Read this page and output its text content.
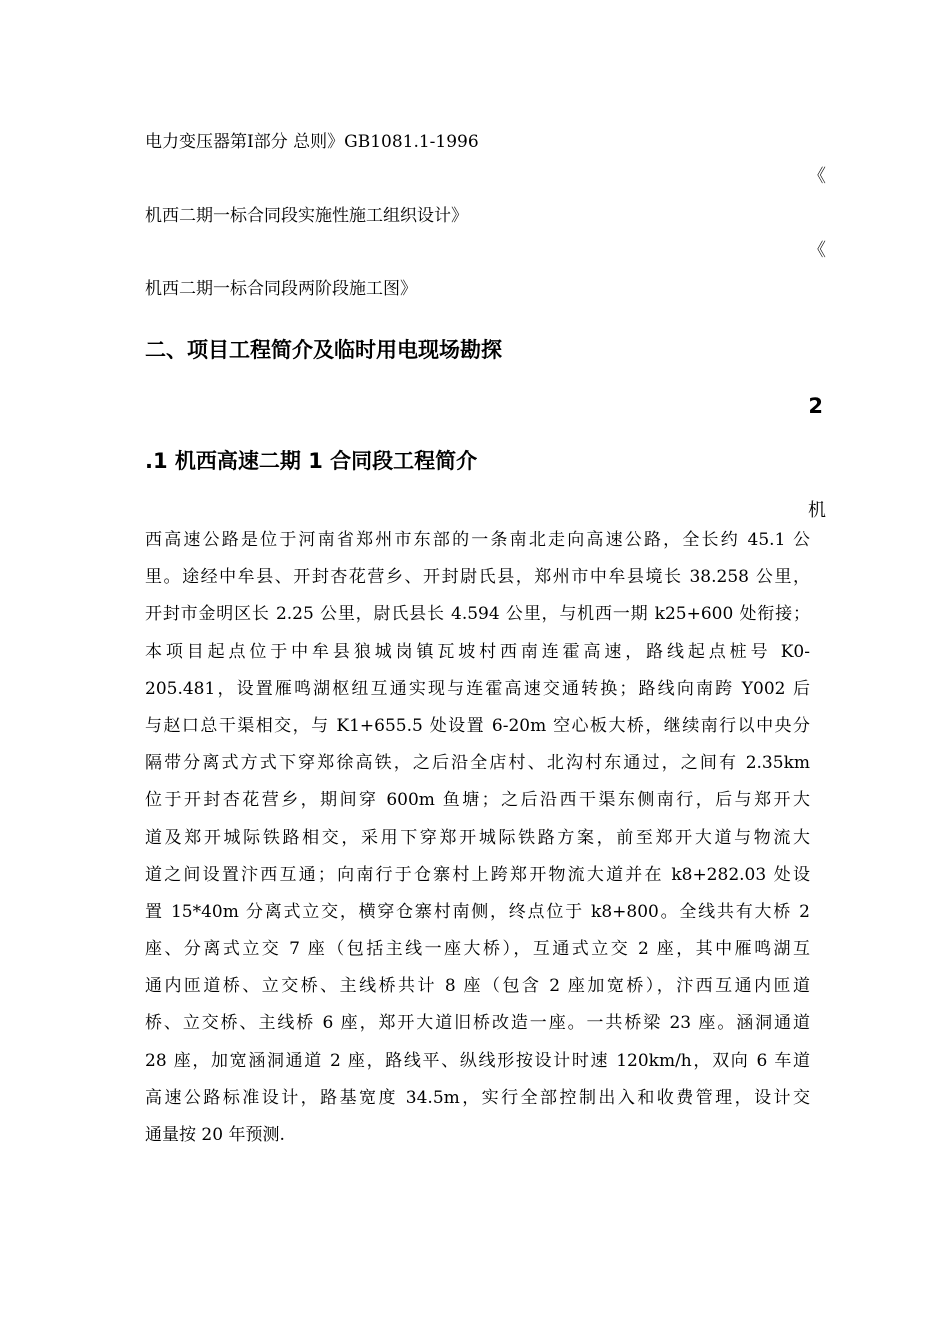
电力变压器第I部分 总则》GB1081.1-1996
《
机西二期一标合同段实施性施工组织设计》
《
机西二期一标合同段两阶段施工图》
二、项目工程简介及临时用电现场勘探
2
.1 机西高速二期 1 合同段工程简介
机
西高速公路是位于河南省郑州市东部的一条南北走向高速公路，全长约 45.1 公
里。途经中牟县、开封杏花营乡、开封尉氏县，郑州市中牟县境长 38.258 公里，
开封市金明区长 2.25 公里，尉氏县长 4.594 公里，与机西一期 k25+600 处衔接；
本项目起点位于中牟县狼城岗镇瓦坡村西南连霍高速，路线起点桩号 K0-
205.481，设置雁鸣湖枢纽互通实现与连霍高速交通转换；路线向南跨 Y002 后
与赵口总干渠相交，与 K1+655.5 处设置 6-20m 空心板大桥，继续南行以中央分
隔带分离式方式下穿郑徐高铁，之后沿全店村、北沟村东通过，之间有 2.35km
位于开封杏花营乡，期间穿 600m 鱼塘；之后沿西干渠东侧南行，后与郑开大
道及郑开城际铁路相交，采用下穿郑开城际铁路方案，前至郑开大道与物流大
道之间设置汴西互通；向南行于仓寨村上跨郑开物流大道并在 k8+282.03 处设
置 15*40m 分离式立交，横穿仓寨村南侧，终点位于 k8+800。全线共有大桥 2
座、分离式立交 7 座（包括主线一座大桥），互通式立交 2 座，其中雁鸣湖互
通内匝道桥、立交桥、主线桥共计 8 座（包含 2 座加宽桥），汴西互通内匝道
桥、立交桥、主线桥 6 座，郑开大道旧桥改造一座。一共桥梁 23 座。涵洞通道
28 座，加宽涵洞通道 2 座，路线平、纵线形按设计时速 120km/h，双向 6 车道
高速公路标准设计，路基宽度 34.5m，实行全部控制出入和收费管理，设计交
通量按 20 年预测.
